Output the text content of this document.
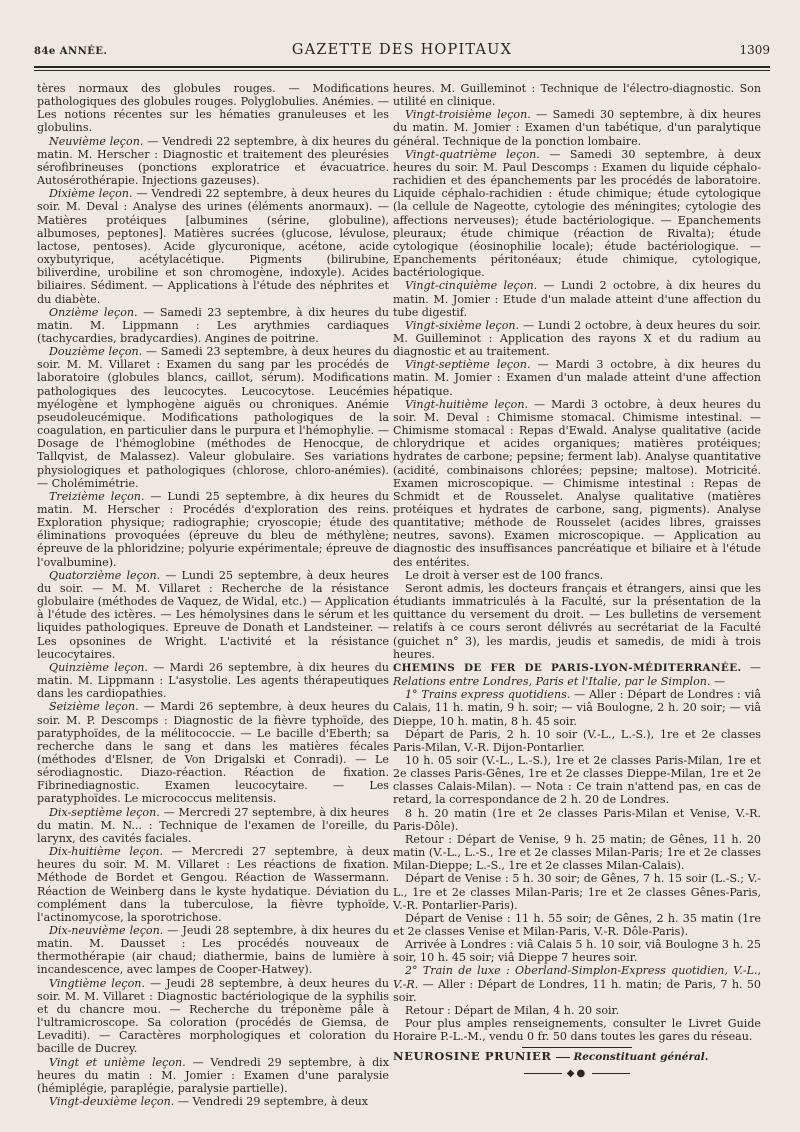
84e ANNÉE.	GAZETTE DES HOPITAUX	1309

tères normaux des globules rouges. — Modifications pathologiques des globules rouges. Polyglobulies. Anémies. — Les notions récentes sur les hématies granuleuses et les globulins.

Neuvième leçon. — Vendredi 22 septembre, à dix heures du matin. M. Herscher : Diagnostic et traitement des pleurésies sérofibrineuses (ponctions exploratrice et évacuatrice. Autosérothérapie. Injections gazeuses).

Dixième leçon. — Vendredi 22 septembre, à deux heures du soir. M. Deval : Analyse des urines (éléments anormaux). — Matières protéiques [albumines (sérine, globuline), albumoses, peptones]. Matières sucrées (glucose, lévulose, lactose, pentoses). Acide glycuronique, acétone, acide oxybutyrique, acétylacétique. Pigments (bilirubine, biliverdine, urobiline et son chromogène, indoxyle). Acides biliaires. Sédiment. — Applications à l'étude des néphrites et du diabète.

Onzième leçon. — Samedi 23 septembre, à dix heures du matin. M. Lippmann : Les arythmies cardiaques (tachycardies, bradycardies). Angines de poitrine.

Douzième leçon. — Samedi 23 septembre, à deux heures du soir. M. M. Villaret : Examen du sang par les procédés de laboratoire (globules blancs, caillot, sérum). Modifications pathologiques des leucocytes. Leucocytose. Leucémies myélogène et lymphogène aiguës ou chroniques. Anémie pseudoleucémique. Modifications pathologiques de la coagulation, en particulier dans le purpura et l'hémophylie. — Dosage de l'hémoglobine (méthodes de Henocque, de Tallqvist, de Malassez). Valeur globulaire. Ses variations physiologiques et pathologiques (chlorose, chloro-anémies). — Cholémimétrie.

Treizième leçon. — Lundi 25 septembre, à dix heures du matin. M. Herscher : Procédés d'exploration des reins. Exploration physique; radiographie; cryoscopie; étude des éliminations provoquées (épreuve du bleu de méthylène; épreuve de la phloridzine; polyurie expérimentale; épreuve de l'ovalbumine).

Quatorzième leçon. — Lundi 25 septembre, à deux heures du soir. — M. M. Villaret : Recherche de la résistance globulaire (méthodes de Vaquez, de Widal, etc.) — Application à l'étude des ictères. — Les hémolysines dans le sérum et les liquides pathologiques. Epreuve de Donath et Landsteiner. — Les opsonines de Wright. L'activité et la résistance leucocytaires.

Quinzième leçon. — Mardi 26 septembre, à dix heures du matin. M. Lippmann : L'asystolie. Les agents thérapeutiques dans les cardiopathies.

Seizième leçon. — Mardi 26 septembre, à deux heures du soir. M. P. Descomps : Diagnostic de la fièvre typhoïde, des paratyphoïdes, de la mélitococcie. — Le bacille d'Eberth; sa recherche dans le sang et dans les matières fécales (méthodes d'Elsner, de Von Drigalski et Conradi). — Le sérodiagnostic. Diazo-réaction. Réaction de fixation. Fibrinediagnostic. Examen leucocytaire. — Les paratyphoïdes. Le micrococcus melitensis.

Dix-septième leçon. — Mercredi 27 septembre, à dix heures du matin. M. N... : Technique de l'examen de l'oreille, du larynx, des cavités faciales.

Dix-huitième leçon. — Mercredi 27 septembre, à deux heures du soir. M. M. Villaret : Les réactions de fixation. Méthode de Bordet et Gengou. Réaction de Wassermann. Réaction de Weinberg dans le kyste hydatique. Déviation du complément dans la tuberculose, la fièvre typhoïde, l'actinomycose, la sporotrichose.

Dix-neuvième leçon. — Jeudi 28 septembre, à dix heures du matin. M. Dausset : Les procédés nouveaux de thermothérapie (air chaud; diathermie, bains de lumière à incandescence, avec lampes de Cooper-Hatwey).

Vingtième leçon. — Jeudi 28 septembre, à deux heures du soir. M. M. Villaret : Diagnostic bactériologique de la syphilis et du chancre mou. — Recherche du tréponème pâle à l'ultramicroscope. Sa coloration (procédés de Giemsa, de Levaditi). — Caractères morphologiques et coloration du bacille de Ducrey.

Vingt et unième leçon. — Vendredi 29 septembre, à dix heures du matin : M. Jomier : Examen d'une paralysie (hémiplégie, paraplégie, paralysie partielle).

Vingt-deuxième leçon. — Vendredi 29 septembre, à deux

heures. M. Guilleminot : Technique de l'électro-diagnostic. Son utilité en clinique.

Vingt-troisième leçon. — Samedi 30 septembre, à dix heures du matin. M. Jomier : Examen d'un tabétique, d'un paralytique général. Technique de la ponction lombaire.

Vingt-quatrième leçon. — Samedi 30 septembre, à deux heures du soir. M. Paul Descomps : Examen du liquide céphalo-rachidien et des épanchements par les procédés de laboratoire. Liquide céphalo-rachidien : étude chimique; étude cytologique (la cellule de Nageotte, cytologie des méningites; cytologie des affections nerveuses); étude bactériologique. — Epanchements pleuraux; étude chimique (réaction de Rivalta); étude cytologique (éosinophilie locale); étude bactériologique. — Epanchements péritonéaux; étude chimique, cytologique, bactériologique.

Vingt-cinquième leçon. — Lundi 2 octobre, à dix heures du matin. M. Jomier : Etude d'un malade atteint d'une affection du tube digestif.

Vingt-sixième leçon. — Lundi 2 octobre, à deux heures du soir. M. Guilleminot : Application des rayons X et du radium au diagnostic et au traitement.

Vingt-septième leçon. — Mardi 3 octobre, à dix heures du matin. M. Jomier : Examen d'un malade atteint d'une affection hépatique.

Vingt-huitième leçon. — Mardi 3 octobre, à deux heures du soir. M. Deval : Chimisme stomacal. Chimisme intestinal. — Chimisme stomacal : Repas d'Ewald. Analyse qualitative (acide chlorydrique et acides organiques; matières protéiques; hydrates de carbone; pepsine; ferment lab). Analyse quantitative (acidité, combinaisons chlorées; pepsine; maltose). Motricité. Examen microscopique. — Chimisme intestinal : Repas de Schmidt et de Rousselet. Analyse qualitative (matières protéiques et hydrates de carbone, sang, pigments). Analyse quantitative; méthode de Rousselet (acides libres, graisses neutres, savons). Examen microscopique. — Application au diagnostic des insuffisances pancréatique et biliaire et à l'étude des entérites.

Le droit à verser est de 100 francs.

Seront admis, les docteurs français et étrangers, ainsi que les étudiants immatriculés à la Faculté, sur la présentation de la quittance du versement du droit. — Les bulletins de versement relatifs à ce cours seront délivrés au secrétariat de la Faculté (guichet n° 3), les mardis, jeudis et samedis, de midi à trois heures.

CHEMINS DE FER DE PARIS-LYON-MÉDITERRANÉE. — Relations entre Londres, Paris et l'Italie, par le Simplon. —

1° Trains express quotidiens. — Aller : Départ de Londres : viâ Calais, 11 h. matin, 9 h. soir; — viâ Boulogne, 2 h. 20 soir; — viâ Dieppe, 10 h. matin, 8 h. 45 soir.

Départ de Paris, 2 h. 10 soir (V.-L., L.-S.), 1re et 2e classes Paris-Milan, V.-R. Dijon-Pontarlier.

10 h. 05 soir (V.-L., L.-S.), 1re et 2e classes Paris-Milan, 1re et 2e classes Paris-Gênes, 1re et 2e classes Dieppe-Milan, 1re et 2e classes Calais-Milan). — Nota : Ce train n'attend pas, en cas de retard, la correspondance de 2 h. 20 de Londres.

8 h. 20 matin (1re et 2e classes Paris-Milan et Venise, V.-R. Paris-Dôle).

Retour : Départ de Venise, 9 h. 25 matin; de Gênes, 11 h. 20 matin (V.-L., L.-S., 1re et 2e classes Milan-Paris; 1re et 2e classes Milan-Dieppe; L.-S., 1re et 2e classes Milan-Calais).

Départ de Venise : 5 h. 30 soir; de Gênes, 7 h. 15 soir (L.-S.; V.-L., 1re et 2e classes Milan-Paris; 1re et 2e classes Gênes-Paris, V.-R. Pontarlier-Paris).

Départ de Venise : 11 h. 55 soir; de Gênes, 2 h. 35 matin (1re et 2e classes Venise et Milan-Paris, V.-R. Dôle-Paris).

Arrivée à Londres : viâ Calais 5 h. 10 soir, viâ Boulogne 3 h. 25 soir, 10 h. 45 soir; viâ Dieppe 7 heures soir.

2° Train de luxe : Oberland-Simplon-Express quotidien, V.-L., V.-R. — Aller : Départ de Londres, 11 h. matin; de Paris, 7 h. 50 soir.

Retour : Départ de Milan, 4 h. 20 soir.

Pour plus amples renseignements, consulter le Livret Guide Horaire P.-L.-M., vendu 0 fr. 50 dans toutes les gares du réseau.

NEUROSINE PRUNIER Reconstituant général.

◆●
